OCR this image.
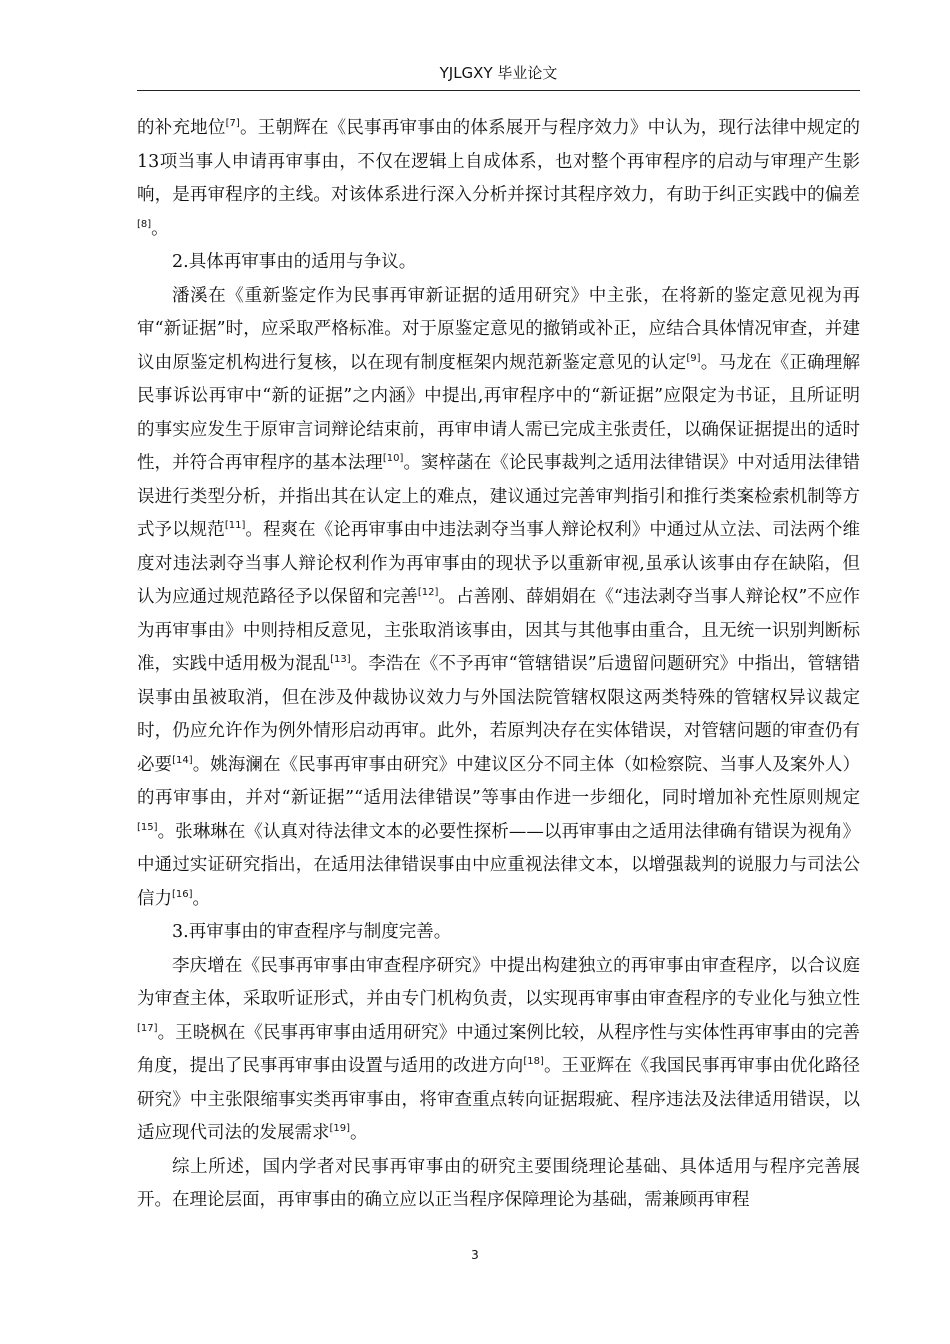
YJLGXY 毕业论文

的补充地位[7]。王朝辉在《民事再审事由的体系展开与程序效力》中认为，现行法律中规定的13项当事人申请再审事由，不仅在逻辑上自成体系，也对整个再审程序的启动与审理产生影响，是再审程序的主线。对该体系进行深入分析并探讨其程序效力，有助于纠正实践中的偏差[8]。

2.具体再审事由的适用与争议。

潘溪在《重新鉴定作为民事再审新证据的适用研究》中主张，在将新的鉴定意见视为再审“新证据”时，应采取严格标准。对于原鉴定意见的撤销或补正，应结合具体情况审查，并建议由原鉴定机构进行复核，以在现有制度框架内规范新鉴定意见的认定[9]。马龙在《正确理解民事诉讼再审中“新的证据”之内涵》中提出,再审程序中的“新证据”应限定为书证，且所证明的事实应发生于原审言词辩论结束前，再审申请人需已完成主张责任，以确保证据提出的适时性，并符合再审程序的基本法理[10]。窦梓菡在《论民事裁判之适用法律错误》中对适用法律错误进行类型分析，并指出其在认定上的难点，建议通过完善审判指引和推行类案检索机制等方式予以规范[11]。程爽在《论再审事由中违法剥夺当事人辩论权利》中通过从立法、司法两个维度对违法剥夺当事人辩论权利作为再审事由的现状予以重新审视,虽承认该事由存在缺陷，但认为应通过规范路径予以保留和完善[12]。占善刚、薛娟娟在《“违法剥夺当事人辩论权”不应作为再审事由》中则持相反意见，主张取消该事由，因其与其他事由重合，且无统一识别判断标准，实践中适用极为混乱[13]。李浩在《不予再审“管辖错误”后遗留问题研究》中指出，管辖错误事由虽被取消，但在涉及仲裁协议效力与外国法院管辖权限这两类特殊的管辖权异议裁定时，仍应允许作为例外情形启动再审。此外，若原判决存在实体错误，对管辖问题的审查仍有必要[14]。姚海澜在《民事再审事由研究》中建议区分不同主体（如检察院、当事人及案外人）的再审事由，并对“新证据”“适用法律错误”等事由作进一步细化，同时增加补充性原则规定[15]。张琳琳在《认真对待法律文本的必要性探析——以再审事由之适用法律确有错误为视角》中通过实证研究指出，在适用法律错误事由中应重视法律文本，以增强裁判的说服力与司法公信力[16]。

3.再审事由的审查程序与制度完善。

李庆增在《民事再审事由审查程序研究》中提出构建独立的再审事由审查程序，以合议庭为审查主体，采取听证形式，并由专门机构负责，以实现再审事由审查程序的专业化与独立性[17]。王晓枫在《民事再审事由适用研究》中通过案例比较，从程序性与实体性再审事由的完善角度，提出了民事再审事由设置与适用的改进方向[18]。王亚辉在《我国民事再审事由优化路径研究》中主张限缩事实类再审事由，将审查重点转向证据瑕疵、程序违法及法律适用错误，以适应现代司法的发展需求[19]。

综上所述，国内学者对民事再审事由的研究主要围绕理论基础、具体适用与程序完善展开。在理论层面，再审事由的确立应以正当程序保障理论为基础，需兼顾再审程

3
